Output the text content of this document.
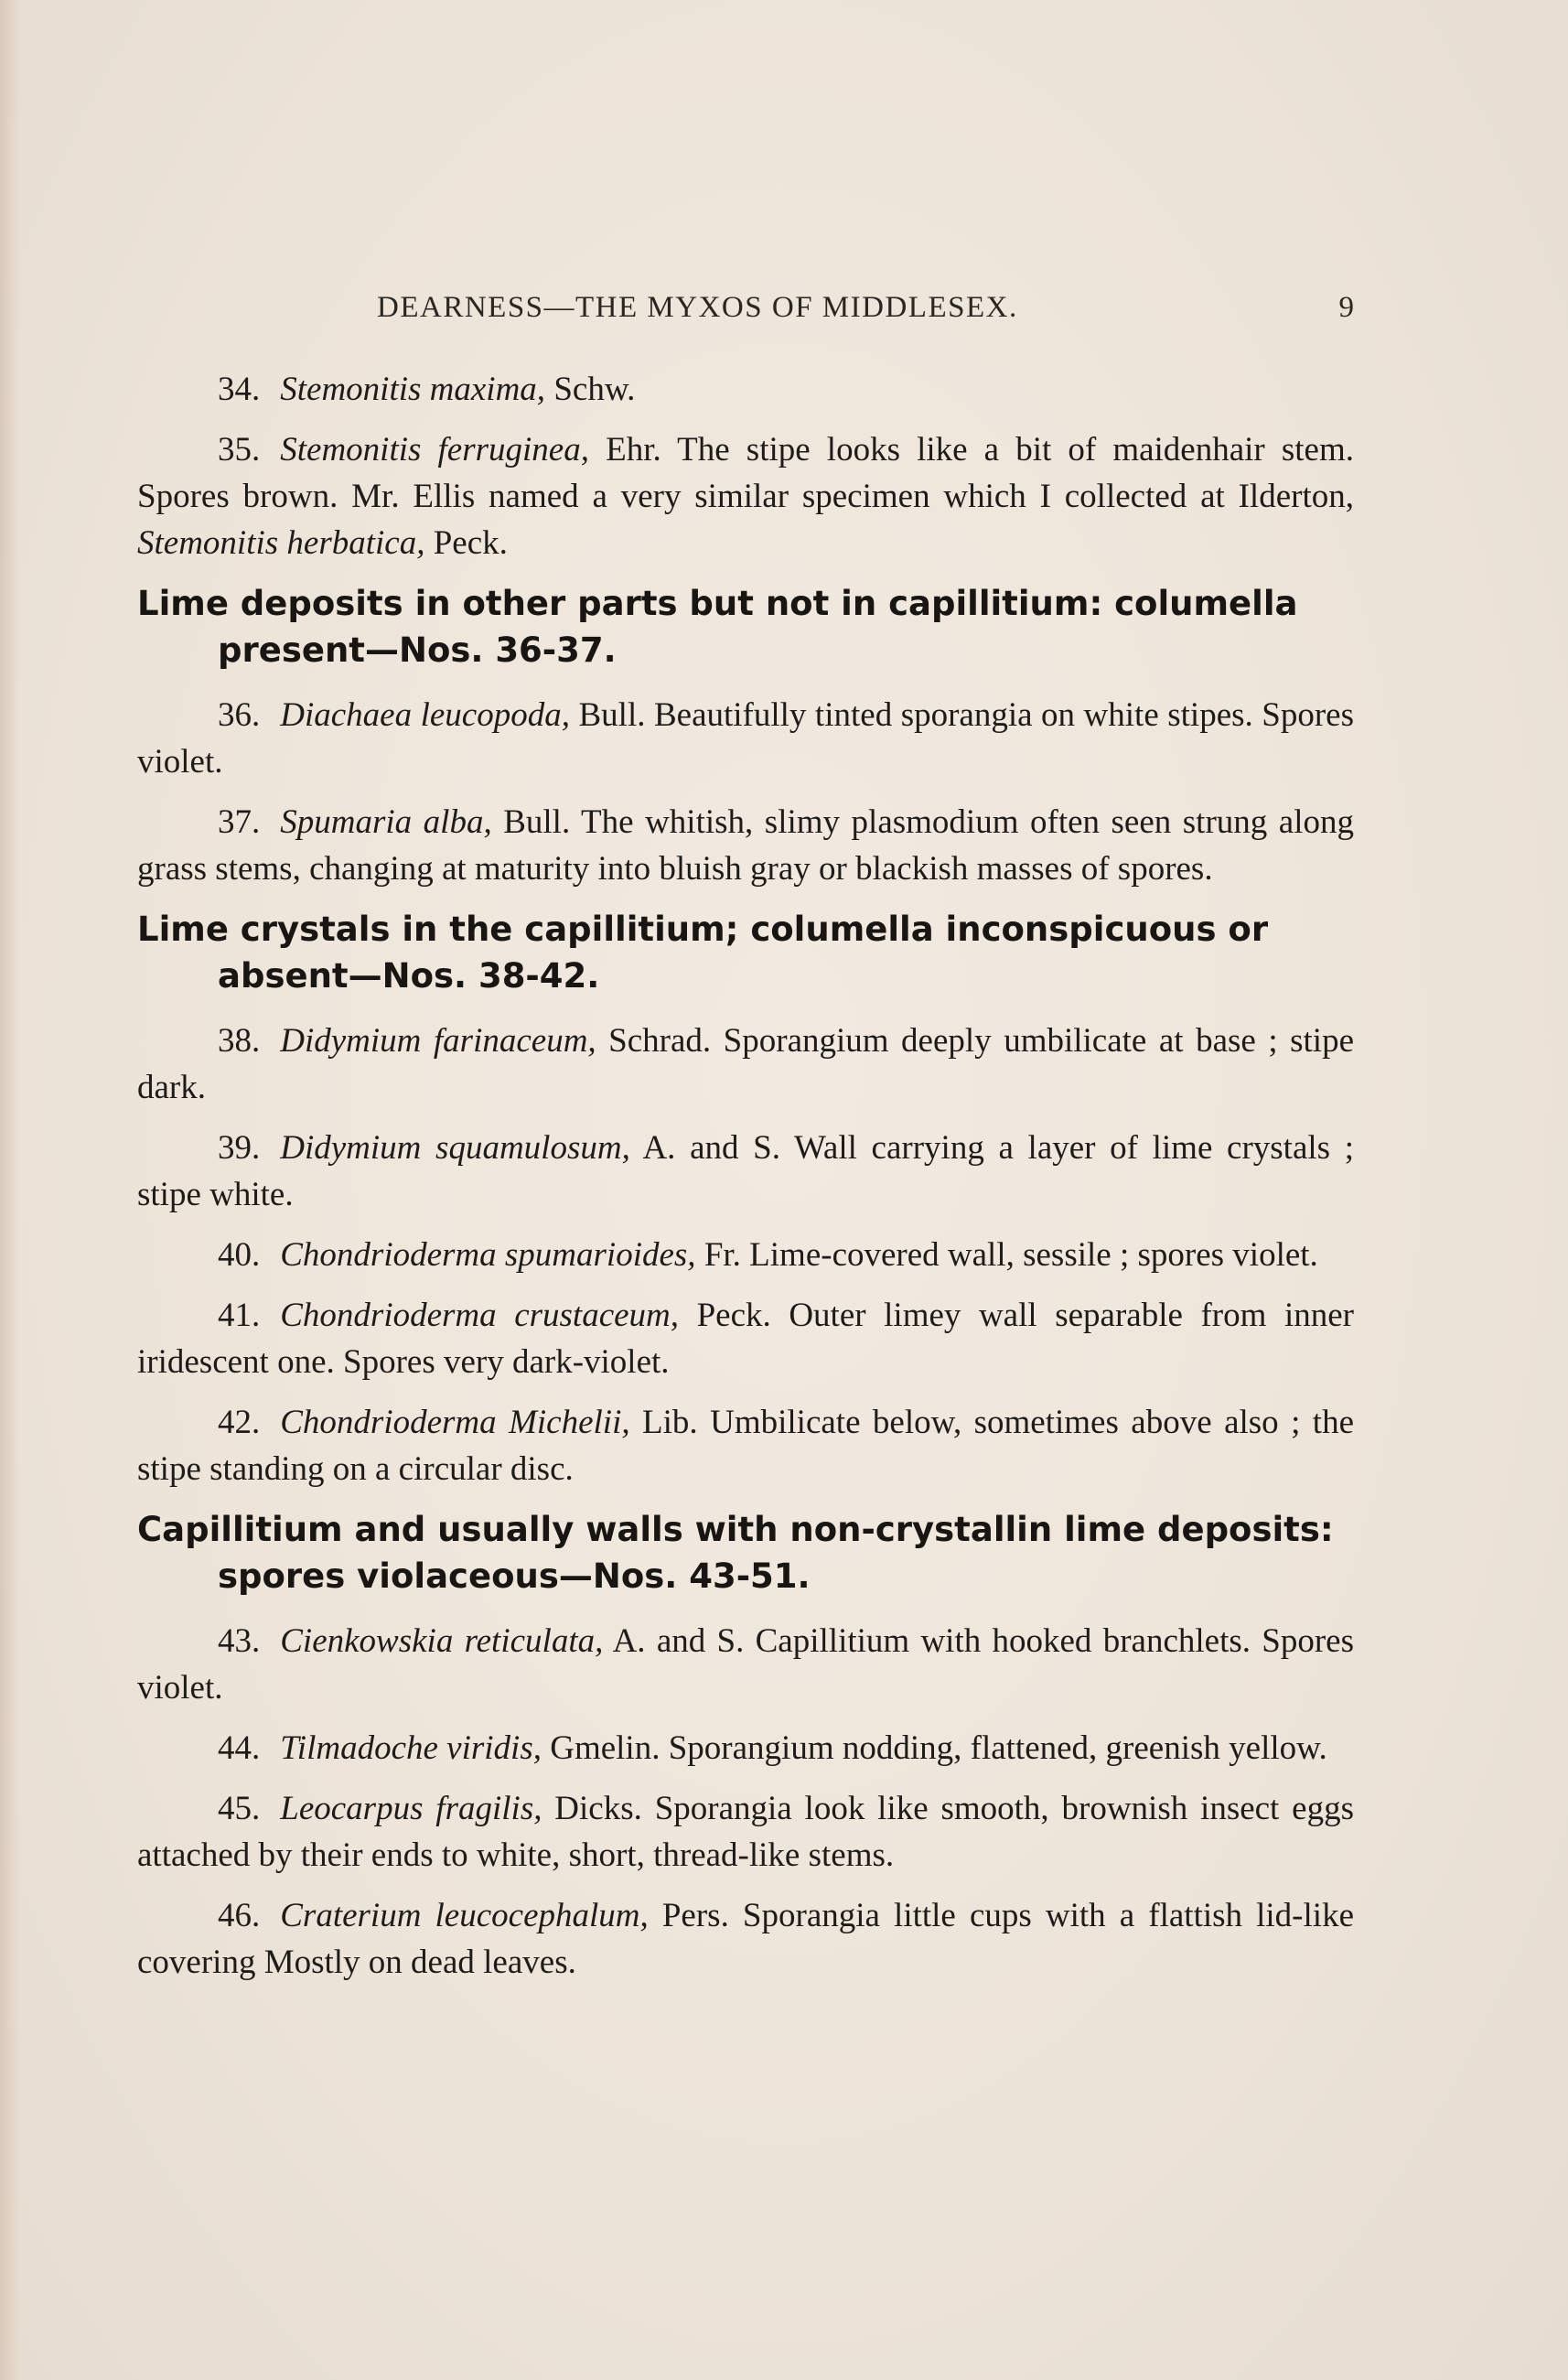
DEARNESS—THE MYXOS OF MIDDLESEX.	9

34. Stemonitis maxima, Schw.

35. Stemonitis ferruginea, Ehr. The stipe looks like a bit of maidenhair stem. Spores brown. Mr. Ellis named a very similar specimen which I collected at Ilderton, Stemonitis herbatica, Peck.

Lime deposits in other parts but not in capillitium: columella present—Nos. 36-37.

36. Diachaea leucopoda, Bull. Beautifully tinted sporangia on white stipes. Spores violet.

37. Spumaria alba, Bull. The whitish, slimy plasmodium often seen strung along grass stems, changing at maturity into bluish gray or blackish masses of spores.

Lime crystals in the capillitium; columella inconspicuous or absent—Nos. 38-42.

38. Didymium farinaceum, Schrad. Sporangium deeply umbilicate at base ; stipe dark.

39. Didymium squamulosum, A. and S. Wall carrying a layer of lime crystals ; stipe white.

40. Chondrioderma spumarioides, Fr. Lime-covered wall, sessile ; spores violet.

41. Chondrioderma crustaceum, Peck. Outer limey wall separable from inner iridescent one. Spores very dark-violet.

42. Chondrioderma Michelii, Lib. Umbilicate below, sometimes above also ; the stipe standing on a circular disc.

Capillitium and usually walls with non-crystallin lime deposits: spores violaceous—Nos. 43-51.

43. Cienkowskia reticulata, A. and S. Capillitium with hooked branchlets. Spores violet.

44. Tilmadoche viridis, Gmelin. Sporangium nodding, flattened, greenish yellow.

45. Leocarpus fragilis, Dicks. Sporangia look like smooth, brownish insect eggs attached by their ends to white, short, thread-like stems.

46. Craterium leucocephalum, Pers. Sporangia little cups with a flattish lid-like covering Mostly on dead leaves.
